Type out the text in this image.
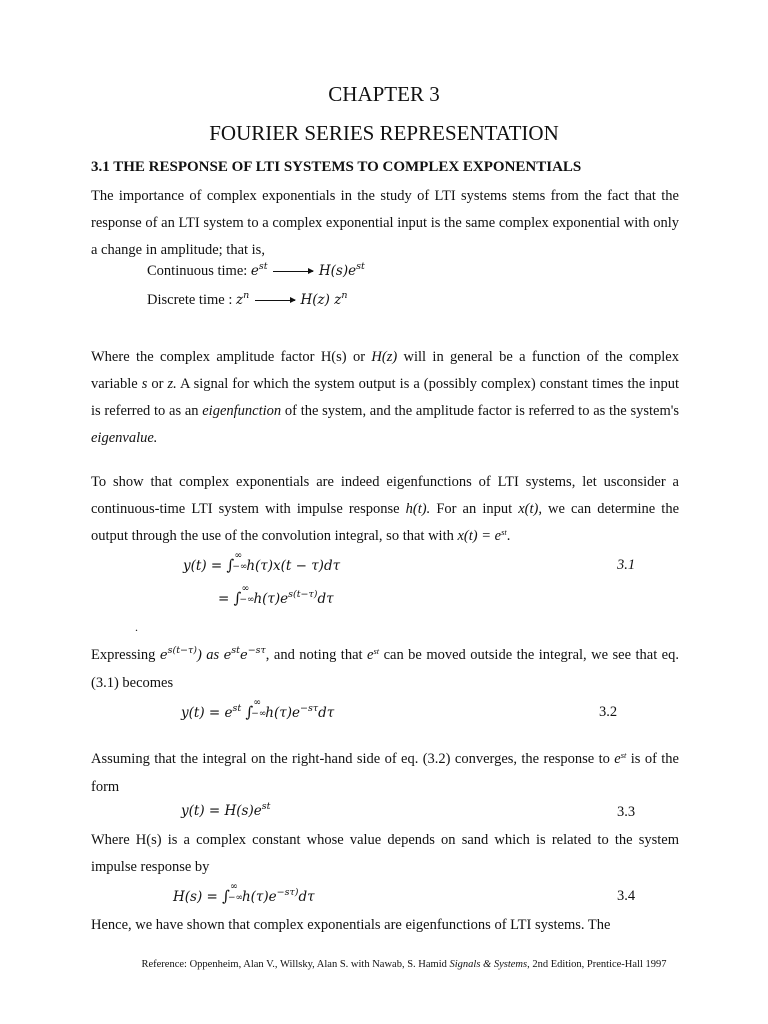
CHAPTER 3
FOURIER SERIES REPRESENTATION
3.1 THE RESPONSE OF LTI SYSTEMS TO COMPLEX EXPONENTIALS
The importance of complex exponentials in the study of LTI systems stems from the fact that the response of an LTI system to a complex exponential input is the same complex exponential with only a change in amplitude; that is,
Continuous time: $e^{st}$	$H(s)e^{st}$
Discrete time : $z^n$	H(z) $z^n$
Where the complex amplitude factor H(s) or H(z) will in general be a function of the complex variable s or z. A signal for which the system output is a (possibly complex) constant times the input is referred to as an eigenfunction of the system, and the amplitude factor is referred to as the system's eigenvalue.
To show that complex exponentials are indeed eigenfunctions of LTI systems, let usconsider a continuous-time LTI system with impulse response h(t). For an input x(t), we can determine the output through the use of the convolution integral, so that with $x(t) = e^{st}$.
y(t) = ∫
∞
−∞
h(τ)x(t − τ)dτ	3.1
= ∫
∞
−∞
$h(\tau)e^{s(t-\tau)}d\tau$
.
Expressing $e^{s(t-\tau)}$) as $e^{st}e^{-s\tau}$, and noting that $e^{st}$ can be moved outside the integral, we see that eq. (3.1) becomes
$y(t) = e^{st}$ ∫
∞
−∞
$h(\tau)e^{-s\tau}d\tau$	3.2
Assuming that the integral on the right-hand side of eq. (3.2) converges, the response to $e^{st}$ is of the form
$y(t) = H(s)e^{st}$	3.3
Where H(s) is a complex constant whose value depends on sand which is related to the system impulse response by
H(s) = ∫
∞
−∞
$h(\tau)e^{-s\tau)}d\tau$	3.4
Hence, we have shown that complex exponentials are eigenfunctions of LTI systems. The
Reference: Oppenheim, Alan V., Willsky, Alan S. with Nawab, S. Hamid Signals & Systems, 2nd Edition, Prentice-Hall 1997
